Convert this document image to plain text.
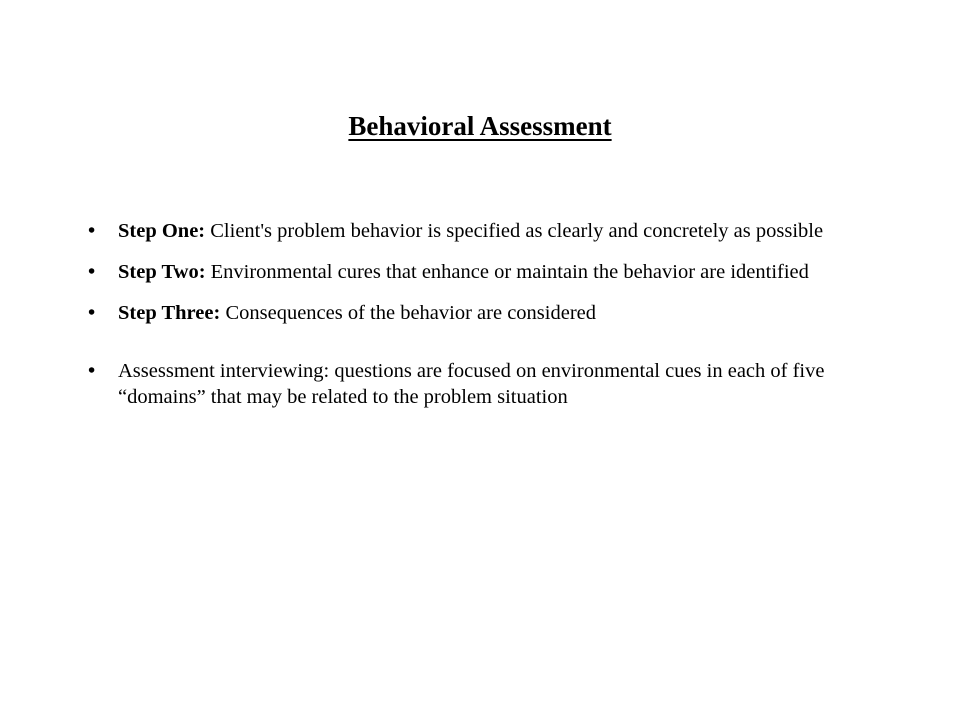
Behavioral Assessment
•	Step One: Client's problem behavior is specified as clearly and concretely as possible
•	Step Two: Environmental cures that enhance or maintain the behavior are identified
•	Step Three: Consequences of the behavior are considered
•	Assessment interviewing: questions are focused on environmental cues in each of five “domains” that may be related to the problem situation
